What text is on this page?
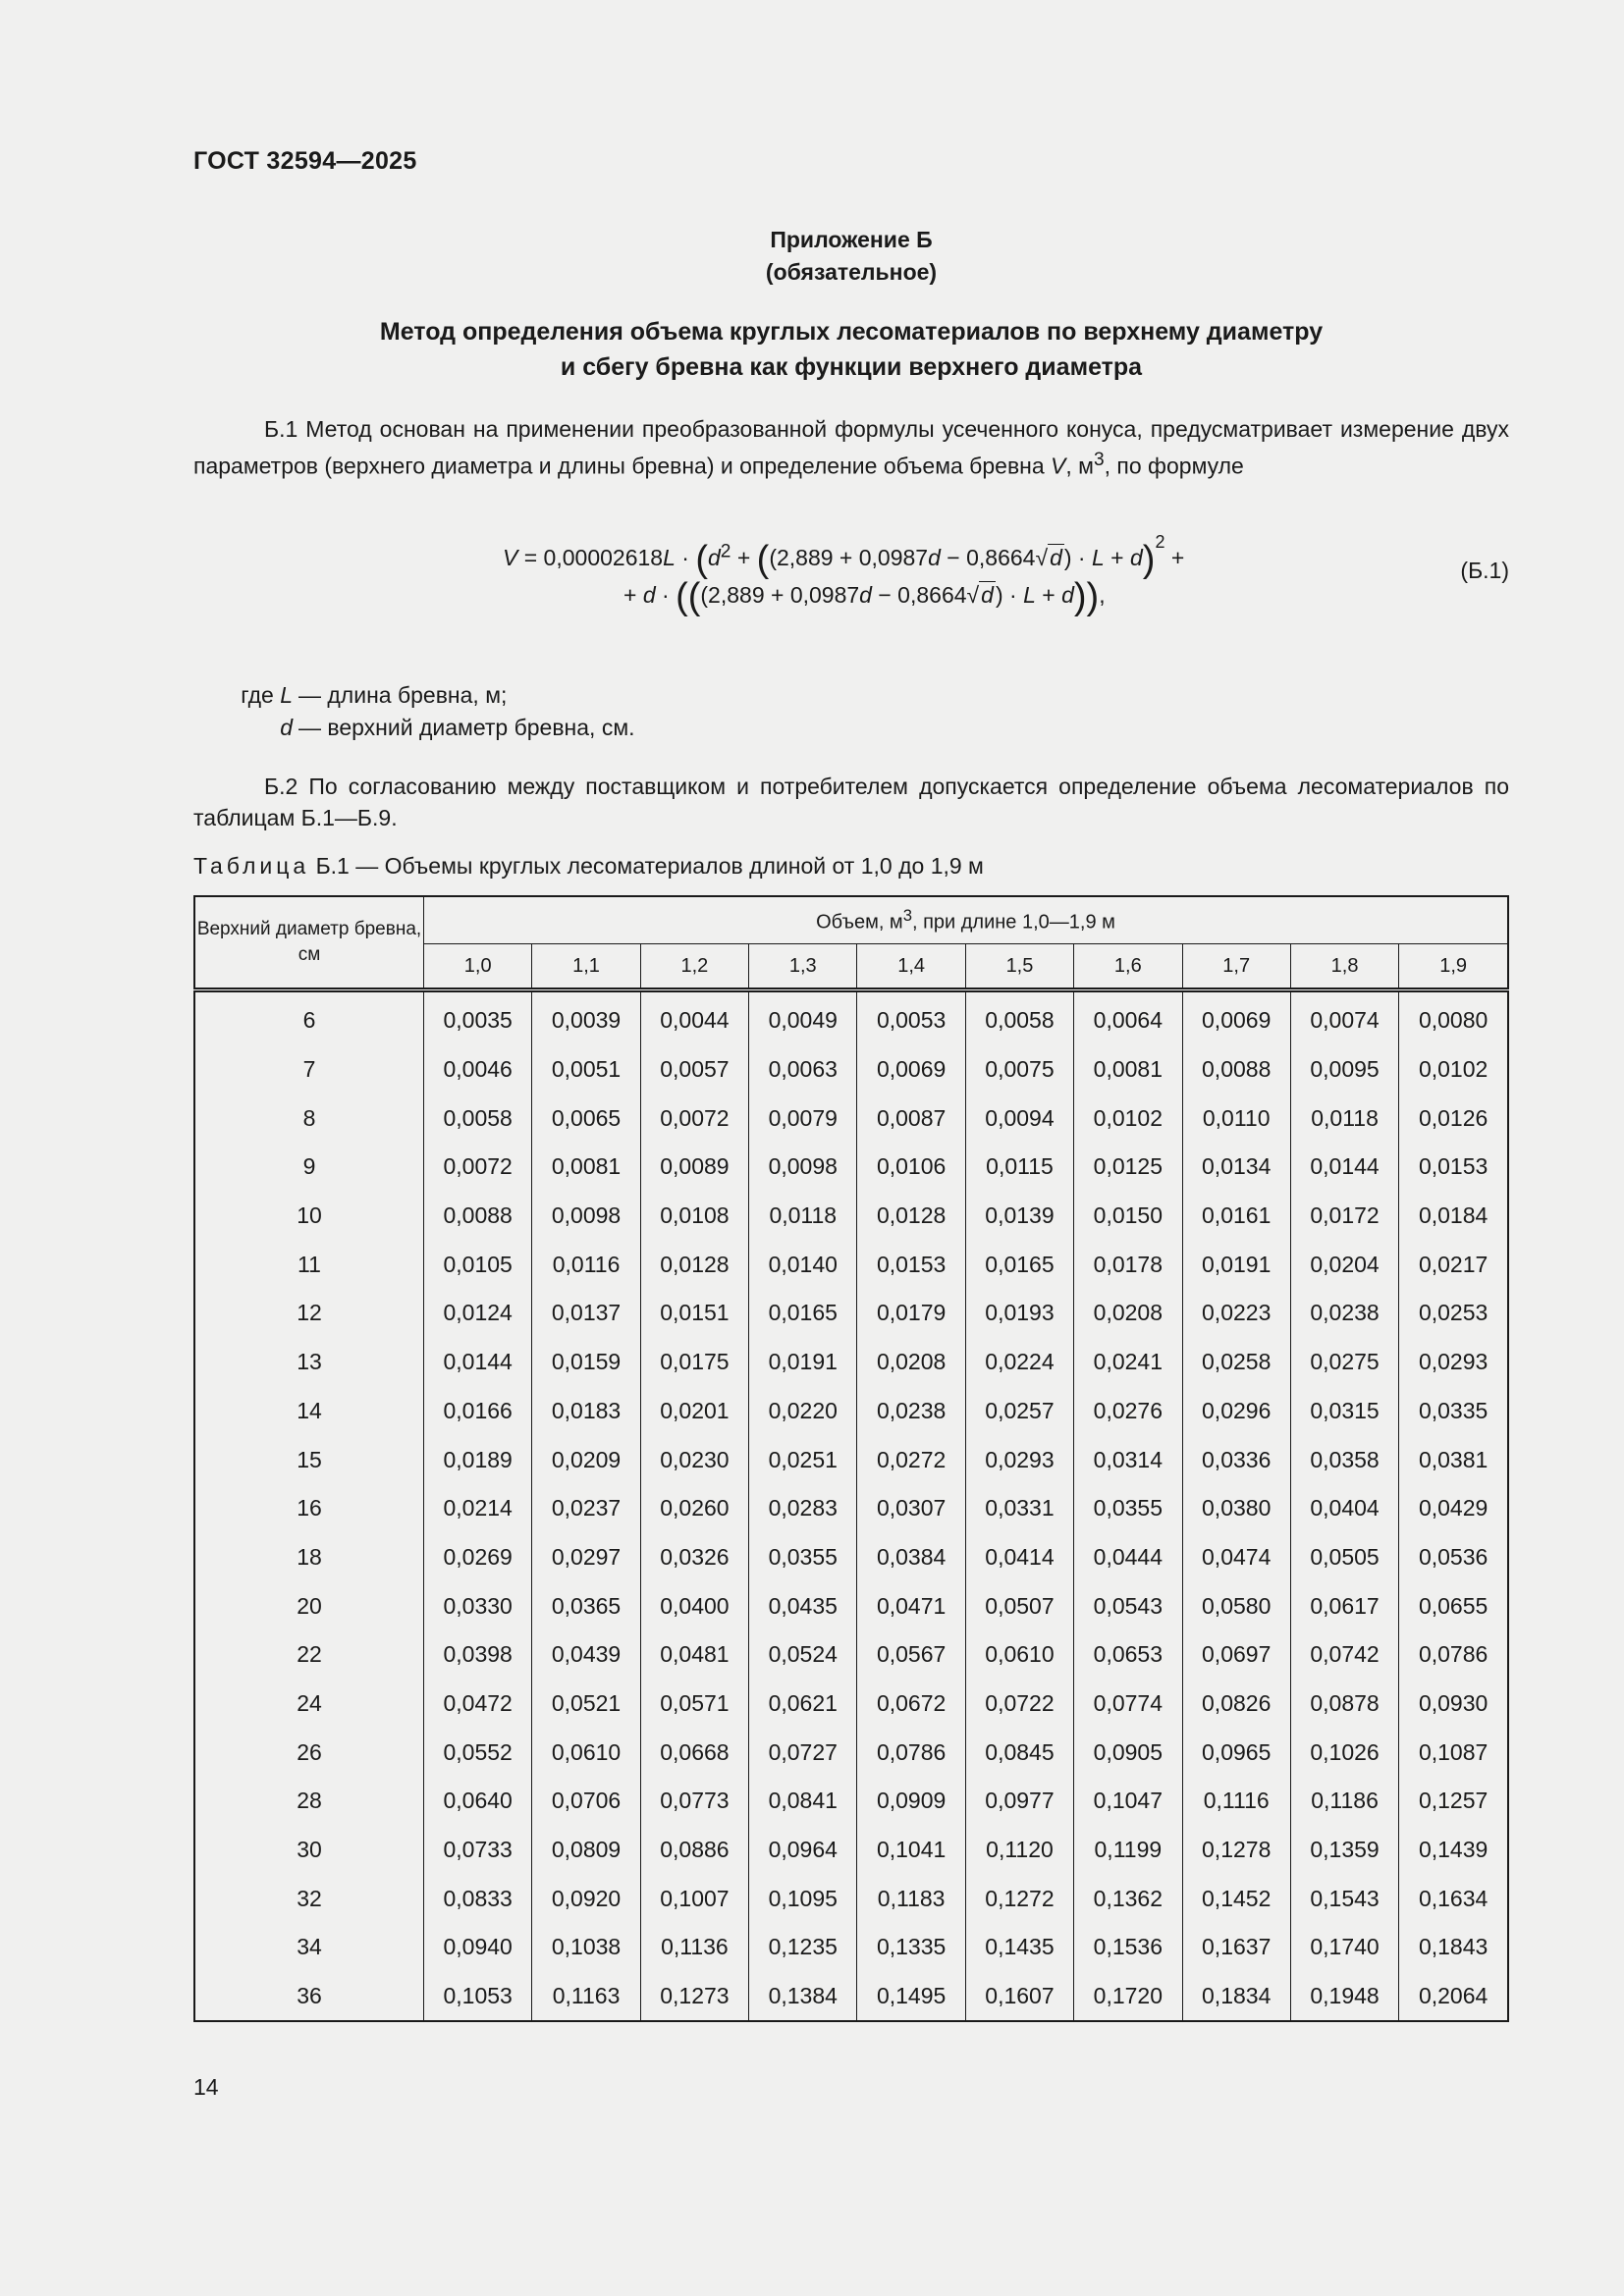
ГОСТ 32594—2025
Приложение Б
(обязательное)
Метод определения объема круглых лесоматериалов по верхнему диаметру
и сбегу бревна как функции верхнего диаметра
Б.1 Метод основан на применении преобразованной формулы усеченного конуса, предусматривает измерение двух параметров (верхнего диаметра и длины бревна) и определение объема бревна V, $м^3$, по формуле
$V = 0,00002618L \cdot (d^2 + ((2,889 + 0,0987d - 0,8664√d) \cdot L + d)^2$ +
+ d · (((2,889 + 0,0987d − 0,8664√d) · L + d)),
(Б.1)
где L — длина бревна, м;
d — верхний диаметр бревна, см.
Б.2 По согласованию между поставщиком и потребителем допускается определение объема лесоматериалов по таблицам Б.1—Б.9.
Таблица Б.1 — Объемы круглых лесоматериалов длиной от 1,0 до 1,9 м
Верхний диаметр бревна, см	Объем, $м^3$, при длине 1,0—1,9 м									
	1,0	1,1	1,2	1,3	1,4	1,5	1,6	1,7	1,8	1,9
6	0,0035	0,0039	0,0044	0,0049	0,0053	0,0058	0,0064	0,0069	0,0074	0,0080
7	0,0046	0,0051	0,0057	0,0063	0,0069	0,0075	0,0081	0,0088	0,0095	0,0102
8	0,0058	0,0065	0,0072	0,0079	0,0087	0,0094	0,0102	0,0110	0,0118	0,0126
9	0,0072	0,0081	0,0089	0,0098	0,0106	0,0115	0,0125	0,0134	0,0144	0,0153
10	0,0088	0,0098	0,0108	0,0118	0,0128	0,0139	0,0150	0,0161	0,0172	0,0184
11	0,0105	0,0116	0,0128	0,0140	0,0153	0,0165	0,0178	0,0191	0,0204	0,0217
12	0,0124	0,0137	0,0151	0,0165	0,0179	0,0193	0,0208	0,0223	0,0238	0,0253
13	0,0144	0,0159	0,0175	0,0191	0,0208	0,0224	0,0241	0,0258	0,0275	0,0293
14	0,0166	0,0183	0,0201	0,0220	0,0238	0,0257	0,0276	0,0296	0,0315	0,0335
15	0,0189	0,0209	0,0230	0,0251	0,0272	0,0293	0,0314	0,0336	0,0358	0,0381
16	0,0214	0,0237	0,0260	0,0283	0,0307	0,0331	0,0355	0,0380	0,0404	0,0429
18	0,0269	0,0297	0,0326	0,0355	0,0384	0,0414	0,0444	0,0474	0,0505	0,0536
20	0,0330	0,0365	0,0400	0,0435	0,0471	0,0507	0,0543	0,0580	0,0617	0,0655
22	0,0398	0,0439	0,0481	0,0524	0,0567	0,0610	0,0653	0,0697	0,0742	0,0786
24	0,0472	0,0521	0,0571	0,0621	0,0672	0,0722	0,0774	0,0826	0,0878	0,0930
26	0,0552	0,0610	0,0668	0,0727	0,0786	0,0845	0,0905	0,0965	0,1026	0,1087
28	0,0640	0,0706	0,0773	0,0841	0,0909	0,0977	0,1047	0,1116	0,1186	0,1257
30	0,0733	0,0809	0,0886	0,0964	0,1041	0,1120	0,1199	0,1278	0,1359	0,1439
32	0,0833	0,0920	0,1007	0,1095	0,1183	0,1272	0,1362	0,1452	0,1543	0,1634
34	0,0940	0,1038	0,1136	0,1235	0,1335	0,1435	0,1536	0,1637	0,1740	0,1843
36	0,1053	0,1163	0,1273	0,1384	0,1495	0,1607	0,1720	0,1834	0,1948	0,2064
14
